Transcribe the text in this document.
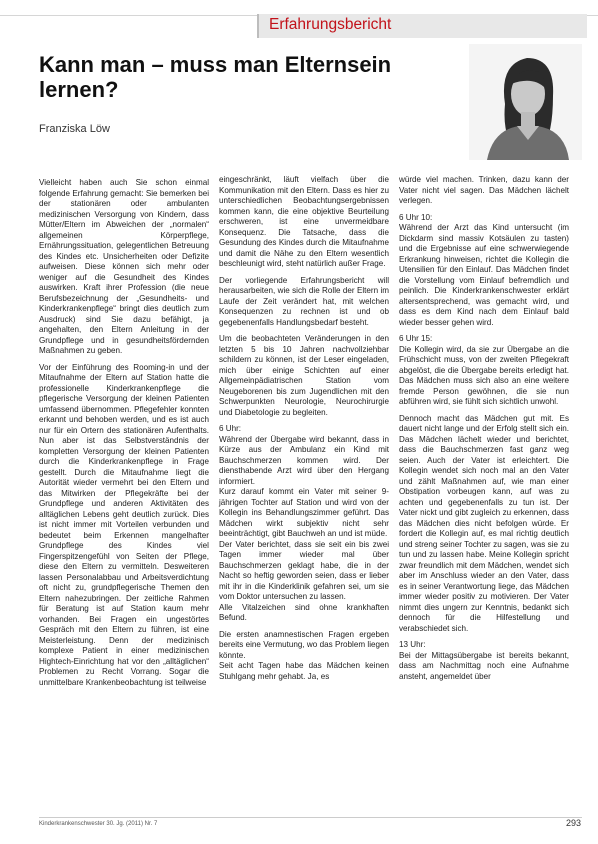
Erfahrungsbericht
Kann man – muss man Elternsein lernen?
Franziska Löw

Vielleicht haben auch Sie schon einmal folgende Erfahrung gemacht: Sie bemerken bei der stationären oder ambulanten medizinischen Versorgung von Kindern, dass Mütter/Eltern im Abweichen der „normalen“ allgemeinen Körperpflege, Ernährungssituation, gelegentlichen Betreuung des Kindes etc. Unsicherheiten oder Defizite aufweisen. Diese können sich mehr oder weniger auf die Gesundheit des Kindes auswirken. Kraft ihrer Profession (die neue Berufsbezeichnung der „Gesundheits- und Kinderkrankenpflege“ bringt dies deutlich zum Ausdruck) sind Sie dazu befähigt, ja angehalten, den Eltern Anleitung in der Grundpflege und in gesundheitsfördernden Maßnahmen zu geben.

Vor der Einführung des Rooming-in und der Mitaufnahme der Eltern auf Station hatte die professionelle Kinderkrankenpflege die pflegerische Versorgung der kleinen Patienten umfassend übernommen. Pflegefehler konnten erkannt und behoben werden, und es ist auch nur für ein Ortern des stationären Aufenthalts. Nun aber ist das Selbstverständnis der kompletten Versorgung der kleinen Patienten durch die Kinderkrankenpflege in Frage gestellt. Durch die Mitaufnahme liegt die Autorität wieder vermehrt bei den Eltern und das Mitwirken der Pflegekräfte bei der Grundpflege und anderen Aktivitäten des alltäglichen Lebens geht deutlich zurück. Dies ist nicht immer mit Vorteilen verbunden und bedeutet beim Erkennen mangelhafter Grundpflege des Kindes viel Fingerspitzengefühl von Seiten der Pflege, diese den Eltern zu vermitteln. Desweiteren lassen Personalabbau und Arbeitsverdichtung oft nicht zu, grundpflegerische Themen den Eltern nahezubringen. Der zeitliche Rahmen für Beratung ist auf Station kaum mehr vorhanden. Bei Fragen ein ungestörtes Gespräch mit den Eltern zu führen, ist eine Meisterleistung. Denn der medizinisch komplexe Patient in einer medizinischen Hightech-Einrichtung hat vor den „alltäglichen“ Problemen zu Recht Vorrang. Sogar die unmittelbare Krankenbeobachtung ist teilweise

eingeschränkt, läuft vielfach über die Kommunikation mit den Eltern. Dass es hier zu unterschiedlichen Beobachtungsergebnissen kommen kann, die eine objektive Beurteilung erschweren, ist eine unvermeidbare Konsequenz. Die Tatsache, dass die Gesundung des Kindes durch die Mitaufnahme und damit die Nähe zu den Eltern wesentlich beschleunigt wird, steht natürlich außer Frage.

Der vorliegende Erfahrungsbericht will herausarbeiten, wie sich die Rolle der Eltern im Laufe der Zeit verändert hat, mit welchen Konsequenzen zu rechnen ist und ob gegebenenfalls Handlungsbedarf besteht.

Um die beobachteten Veränderungen in den letzten 5 bis 10 Jahren nachvollziehbar schildern zu können, ist der Leser eingeladen, mich über einige Schichten auf einer Allgemeinpädiatrischen Station vom Neugeborenen bis zum Jugendlichen mit den Schwerpunkten Neurologie, Neurochirurgie und Diabetologie zu begleiten.

6 Uhr:

Während der Übergabe wird bekannt, dass in Kürze aus der Ambulanz ein Kind mit Bauchschmerzen kommen wird. Der diensthabende Arzt wird über den Hergang informiert.

Kurz darauf kommt ein Vater mit seiner 9-jährigen Tochter auf Station und wird von der Kollegin ins Behandlungszimmer geführt. Das Mädchen wirkt subjektiv nicht sehr beeinträchtigt, gibt Bauchweh an und ist müde.

Der Vater berichtet, dass sie seit ein bis zwei Tagen immer wieder mal über Bauchschmerzen geklagt habe, die in der Nacht so heftig geworden seien, dass er lieber mit ihr in die Kinderklinik gefahren sei, um sie vom Doktor untersuchen zu lassen.

Alle Vitalzeichen sind ohne krankhaften Befund.

Die ersten anamnestischen Fragen ergeben bereits eine Vermutung, wo das Problem liegen könnte.

Seit acht Tagen habe das Mädchen keinen Stuhlgang mehr gehabt. Ja, es

würde viel machen. Trinken, dazu kann der Vater nicht viel sagen. Das Mädchen lächelt verlegen.

6 Uhr 10:

Während der Arzt das Kind untersucht (im Dickdarm sind massiv Kotsäulen zu tasten) und die Ergebnisse auf eine schwerwiegende Erkrankung hinweisen, richtet die Kollegin die Utensilien für den Einlauf. Das Mädchen findet die Vorstellung vom Einlauf befremdlich und peinlich. Die Kinderkrankenschwester erklärt altersentsprechend, was gemacht wird, und dass es dem Kind nach dem Einlauf bald wieder besser gehen wird.

6 Uhr 15:

Die Kollegin wird, da sie zur Übergabe an die Frühschicht muss, von der zweiten Pflegekraft abgelöst, die die Übergabe bereits erledigt hat. Das Mädchen muss sich also an eine weitere fremde Person gewöhnen, die sie nun abführen wird, sie fühlt sich sichtlich unwohl.

Dennoch macht das Mädchen gut mit. Es dauert nicht lange und der Erfolg stellt sich ein. Das Mädchen lächelt wieder und berichtet, dass die Bauchschmerzen fast ganz weg seien. Auch der Vater ist erleichtert. Die Kollegin wendet sich noch mal an den Vater und zählt Maßnahmen auf, wie man einer Obstipation vorbeugen kann, auf was zu achten und gegebenenfalls zu tun ist. Der Vater nickt und gibt zugleich zu erkennen, dass das Mädchen dies nicht befolgen würde. Er fordert die Kollegin auf, es mal richtig deutlich und streng seiner Tochter zu sagen, was sie zu tun und zu lassen habe. Meine Kollegin spricht zwar freundlich mit dem Mädchen, wendet sich aber im Anschluss wieder an den Vater, dass es in seiner Verantwortung liege, das Mädchen immer wieder positiv zu motivieren. Der Vater nimmt dies ungern zur Kenntnis, bedankt sich dennoch für die Hilfestellung und verabschiedet sich.

13 Uhr:

Bei der Mittagsübergabe ist bereits bekannt, dass am Nachmittag noch eine Aufnahme ansteht, angemeldet über

Kinderkrankenschwester 30. Jg. (2011) Nr. 7	293
